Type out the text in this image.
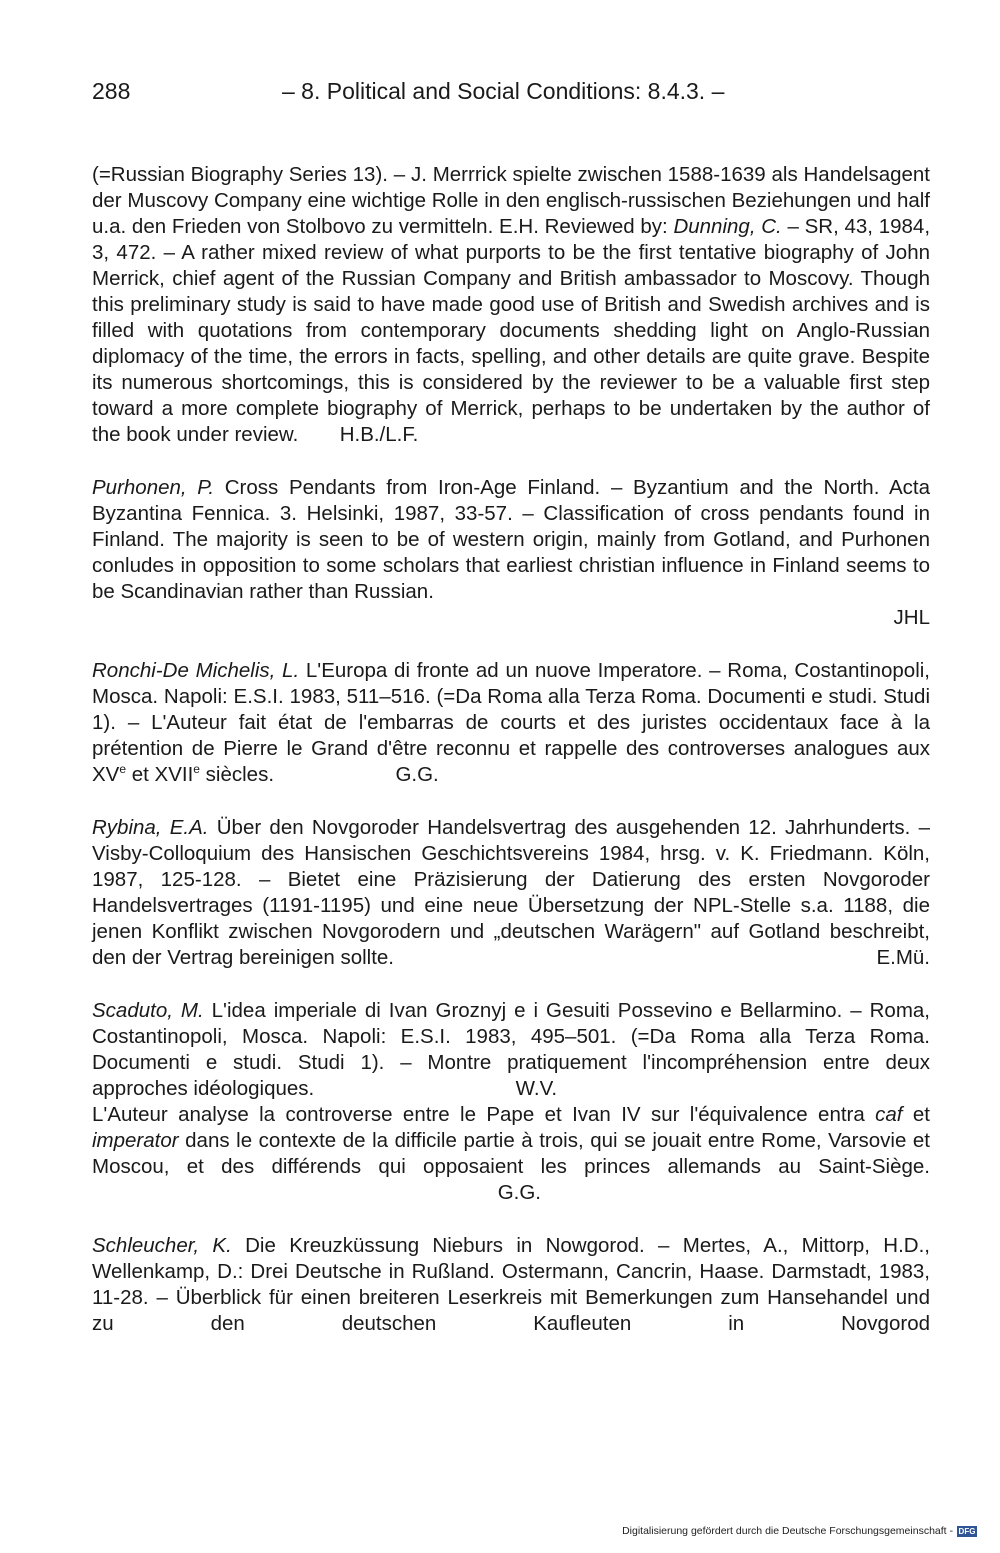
288	– 8. Political and Social Conditions: 8.4.3. –

(=Russian Biography Series 13). – J. Merrrick spielte zwischen 1588-1639 als Handelsagent der Muscovy Company eine wichtige Rolle in den englisch-russischen Beziehungen und half u.a. den Frieden von Stolbovo zu vermitteln. E.H. Reviewed by: Dunning, C. – SR, 43, 1984, 3, 472. – A rather mixed review of what purports to be the first tentative biography of John Merrick, chief agent of the Russian Company and British ambassador to Moscovy. Though this preliminary study is said to have made good use of British and Swedish archives and is filled with quotations from contemporary documents shedding light on Anglo-Russian diplomacy of the time, the errors in facts, spelling, and other details are quite grave. Bespite its numerous shortcomings, this is considered by the reviewer to be a valuable first step toward a more complete biography of Merrick, perhaps to be undertaken by the author of the book under review. H.B./L.F.

Purhonen, P. Cross Pendants from Iron-Age Finland. – Byzantium and the North. Acta Byzantina Fennica. 3. Helsinki, 1987, 33-57. – Classification of cross pendants found in Finland. The majority is seen to be of western origin, mainly from Gotland, and Purhonen conludes in opposition to some scholars that earliest christian influence in Finland seems to be Scandinavian rather than Russian.

JHL

Ronchi-De Michelis, L. L'Europa di fronte ad un nuove Imperatore. – Roma, Costantinopoli, Mosca. Napoli: E.S.I. 1983, 511–516. (=Da Roma alla Terza Roma. Documenti e studi. Studi 1). – L'Auteur fait état de l'embarras de courts et des juristes occidentaux face à la prétention de Pierre le Grand d'être reconnu et rappelle des controverses analogues aux XVe et XVIIe siècles.	G.G.

Rybina, E.A. Über den Novgoroder Handelsvertrag des ausgehenden 12. Jahrhunderts. – Visby-Colloquium des Hansischen Geschichtsvereins 1984, hrsg. v. K. Friedmann. Köln, 1987, 125-128. – Bietet eine Präzisierung der Datierung des ersten Novgoroder Handelsvertrages (1191-1195) und eine neue Übersetzung der NPL-Stelle s.a. 1188, die jenen Konflikt zwischen Novgorodern und „deutschen Warägern" auf Gotland beschreibt, den der Vertrag bereinigen sollte.	E.Mü.

Scaduto, M. L'idea imperiale di Ivan Groznyj e i Gesuiti Possevino e Bellarmino. – Roma, Costantinopoli, Mosca. Napoli: E.S.I. 1983, 495–501. (=Da Roma alla Terza Roma. Documenti e studi. Studi 1). – Montre pratiquement l'incompréhension entre deux approches idéologiques.	W.V.

L'Auteur analyse la controverse entre le Pape et Ivan IV sur l'équivalence entra caf et imperator dans le contexte de la difficile partie à trois, qui se jouait entre Rome, Varsovie et Moscou, et des différends qui opposaient les princes allemands au Saint-Siège.  G.G.

Schleucher, K. Die Kreuzküssung Nieburs in Nowgorod. – Mertes, A., Mittorp, H.D., Wellenkamp, D.: Drei Deutsche in Rußland. Ostermann, Cancrin, Haase. Darmstadt, 1983, 11-28. – Überblick für einen breiteren Leserkreis mit Bemerkungen zum Hansehandel und zu den deutschen Kaufleuten in Novgorod

Digitalisierung gefördert durch die Deutsche Forschungsgemeinschaft - DFG
